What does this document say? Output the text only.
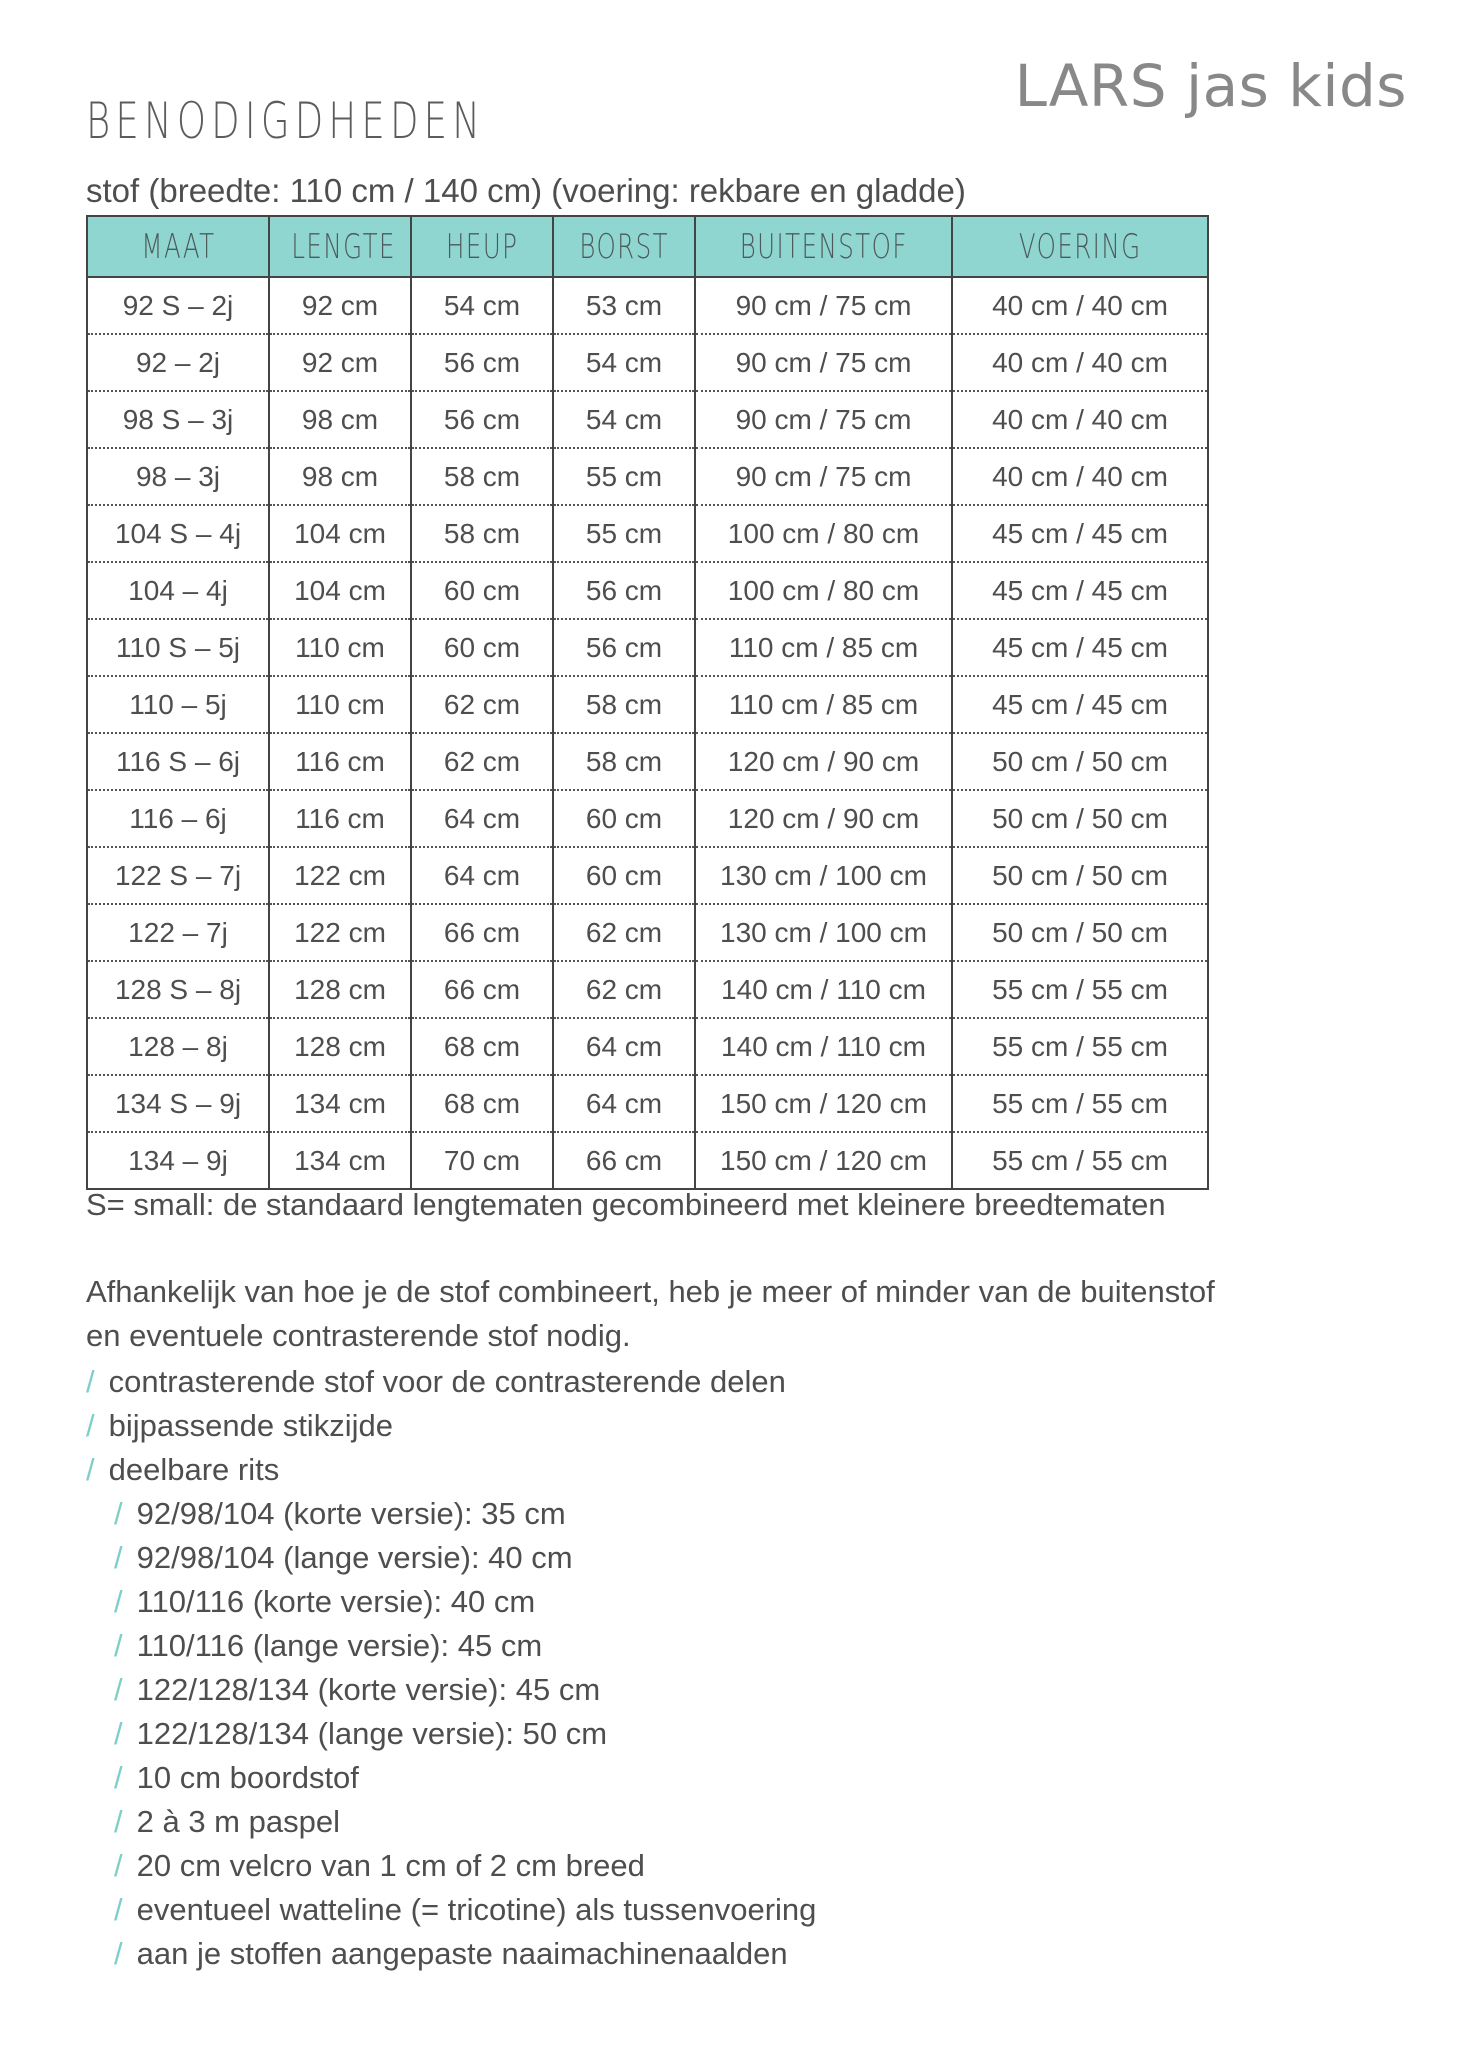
LARS jas kids
BENODIGDHEDEN
stof (breedte: 110 cm / 140 cm) (voering: rekbare en gladde)
MAAT	LENGTE	HEUP	BORST	BUITENSTOF	VOERING
92 S – 2j	92 cm	54 cm	53 cm	90 cm / 75 cm	40 cm / 40 cm
92 – 2j	92 cm	56 cm	54 cm	90 cm / 75 cm	40 cm / 40 cm
98 S – 3j	98 cm	56 cm	54 cm	90 cm / 75 cm	40 cm / 40 cm
98 – 3j	98 cm	58 cm	55 cm	90 cm / 75 cm	40 cm / 40 cm
104 S – 4j	104 cm	58 cm	55 cm	100 cm / 80 cm	45 cm / 45 cm
104 – 4j	104 cm	60 cm	56 cm	100 cm / 80 cm	45 cm / 45 cm
110 S – 5j	110 cm	60 cm	56 cm	110 cm / 85 cm	45 cm / 45 cm
110 – 5j	110 cm	62 cm	58 cm	110 cm / 85 cm	45 cm / 45 cm
116 S – 6j	116 cm	62 cm	58 cm	120 cm / 90 cm	50 cm / 50 cm
116 – 6j	116 cm	64 cm	60 cm	120 cm / 90 cm	50 cm / 50 cm
122 S – 7j	122 cm	64 cm	60 cm	130 cm / 100 cm	50 cm / 50 cm
122 – 7j	122 cm	66 cm	62 cm	130 cm / 100 cm	50 cm / 50 cm
128 S – 8j	128 cm	66 cm	62 cm	140 cm / 110 cm	55 cm / 55 cm
128 – 8j	128 cm	68 cm	64 cm	140 cm / 110 cm	55 cm / 55 cm
134 S – 9j	134 cm	68 cm	64 cm	150 cm / 120 cm	55 cm / 55 cm
134 – 9j	134 cm	70 cm	66 cm	150 cm / 120 cm	55 cm / 55 cm
S= small: de standaard lengtematen gecombineerd met kleinere breedtematen
Afhankelijk van hoe je de stof combineert, heb je meer of minder van de buitenstof en eventuele contrasterende stof nodig.
/ contrasterende stof voor de contrasterende delen
/ bijpassende stikzijde
/ deelbare rits
/ 92/98/104 (korte versie): 35 cm
/ 92/98/104 (lange versie): 40 cm
/ 110/116 (korte versie): 40 cm
/ 110/116 (lange versie): 45 cm
/ 122/128/134 (korte versie): 45 cm
/ 122/128/134 (lange versie): 50 cm
/ 10 cm boordstof
/ 2 à 3 m paspel
/ 20 cm velcro van 1 cm of 2 cm breed
/ eventueel watteline (= tricotine) als tussenvoering
/ aan je stoffen aangepaste naaimachinenaalden
